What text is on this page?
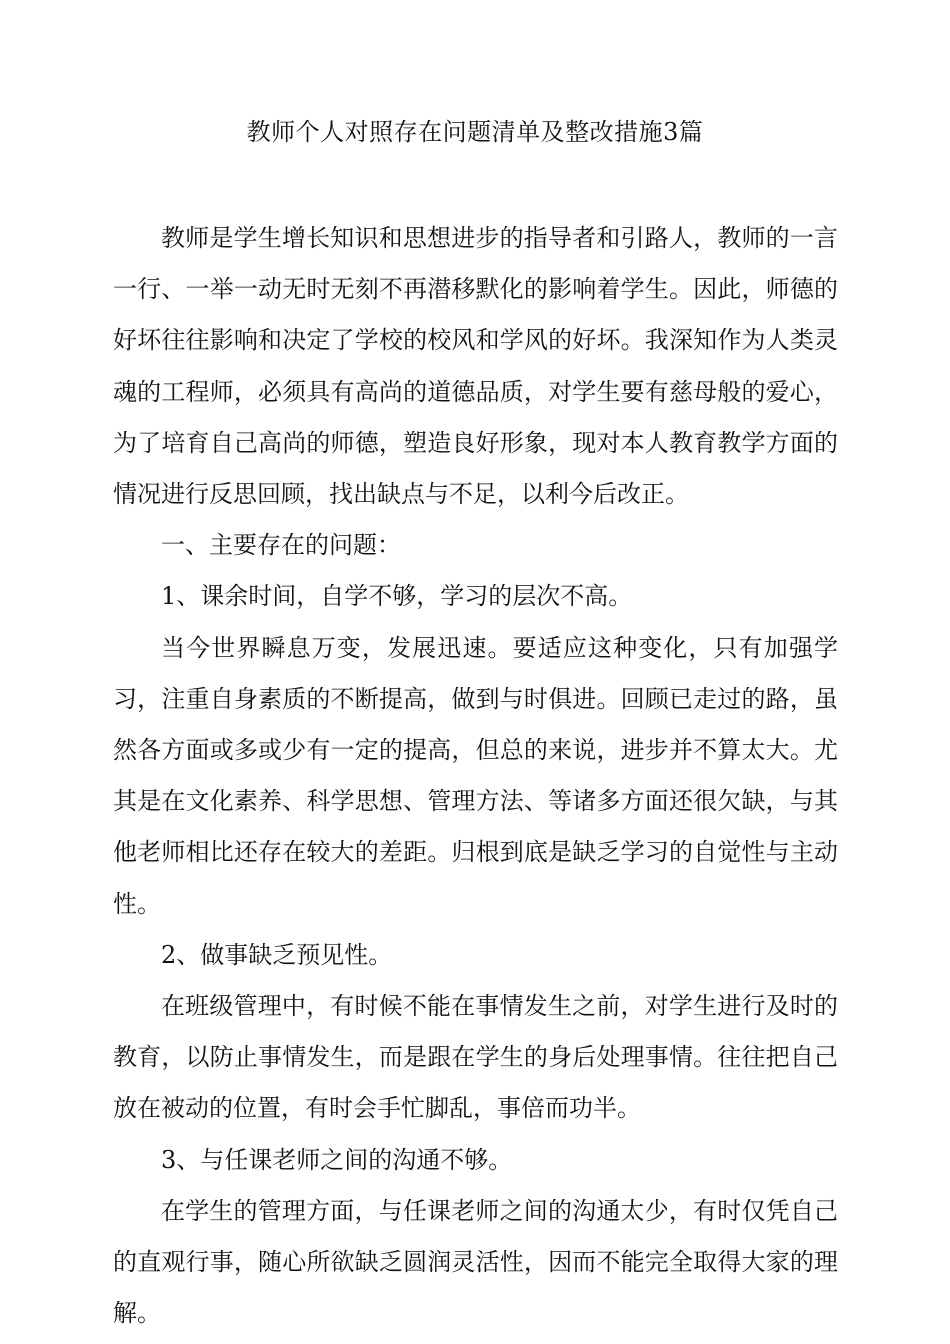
教师个人对照存在问题清单及整改措施3篇

教师是学生增长知识和思想进步的指导者和引路人，教师的一言一行、一举一动无时无刻不再潜移默化的影响着学生。因此，师德的好坏往往影响和决定了学校的校风和学风的好坏。我深知作为人类灵魂的工程师，必须具有高尚的道德品质，对学生要有慈母般的爱心，为了培育自己高尚的师德，塑造良好形象，现对本人教育教学方面的情况进行反思回顾，找出缺点与不足，以利今后改正。

一、主要存在的问题：

1、课余时间，自学不够，学习的层次不高。

当今世界瞬息万变，发展迅速。要适应这种变化，只有加强学习，注重自身素质的不断提高，做到与时俱进。回顾已走过的路，虽然各方面或多或少有一定的提高，但总的来说，进步并不算太大。尤其是在文化素养、科学思想、管理方法、等诸多方面还很欠缺，与其他老师相比还存在较大的差距。归根到底是缺乏学习的自觉性与主动性。

2、做事缺乏预见性。

在班级管理中，有时候不能在事情发生之前，对学生进行及时的教育，以防止事情发生，而是跟在学生的身后处理事情。往往把自己放在被动的位置，有时会手忙脚乱，事倍而功半。

3、与任课老师之间的沟通不够。

在学生的管理方面，与任课老师之间的沟通太少，有时仅凭自己的直观行事，随心所欲缺乏圆润灵活性，因而不能完全取得大家的理解。
